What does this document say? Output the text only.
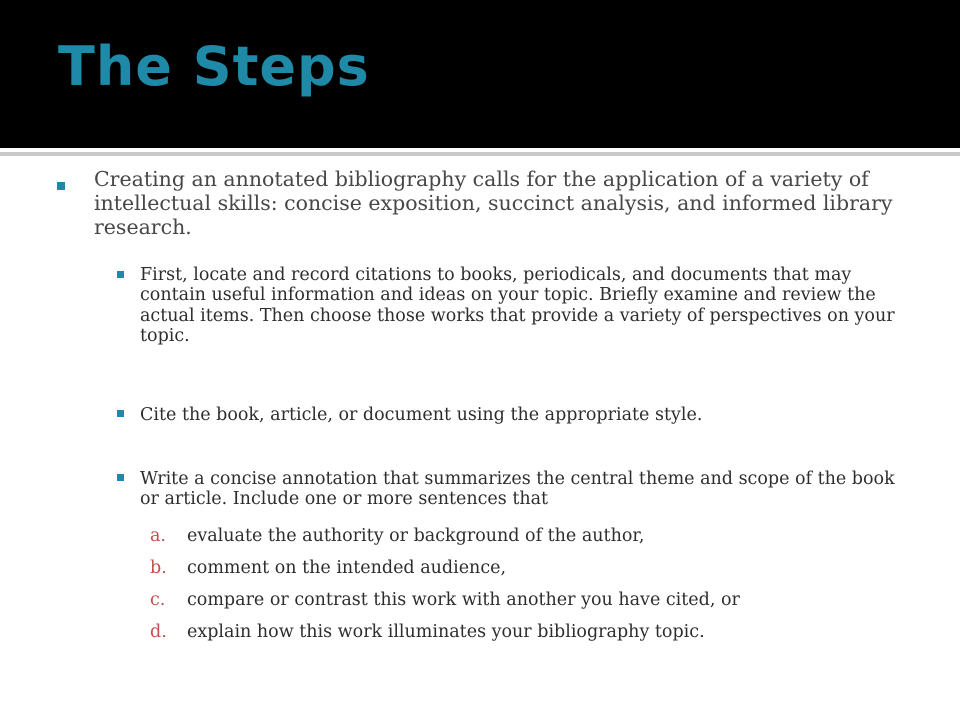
The Steps

Creating an annotated bibliography calls for the application of a variety of intellectual skills: concise exposition, succinct analysis, and informed library research.

First, locate and record citations to books, periodicals, and documents that may contain useful information and ideas on your topic. Briefly examine and review the actual items. Then choose those works that provide a variety of perspectives on your topic.

Cite the book, article, or document using the appropriate style.

Write a concise annotation that summarizes the central theme and scope of the book or article. Include one or more sentences that

a. evaluate the authority or background of the author,
b. comment on the intended audience,
c. compare or contrast this work with another you have cited, or
d. explain how this work illuminates your bibliography topic.
